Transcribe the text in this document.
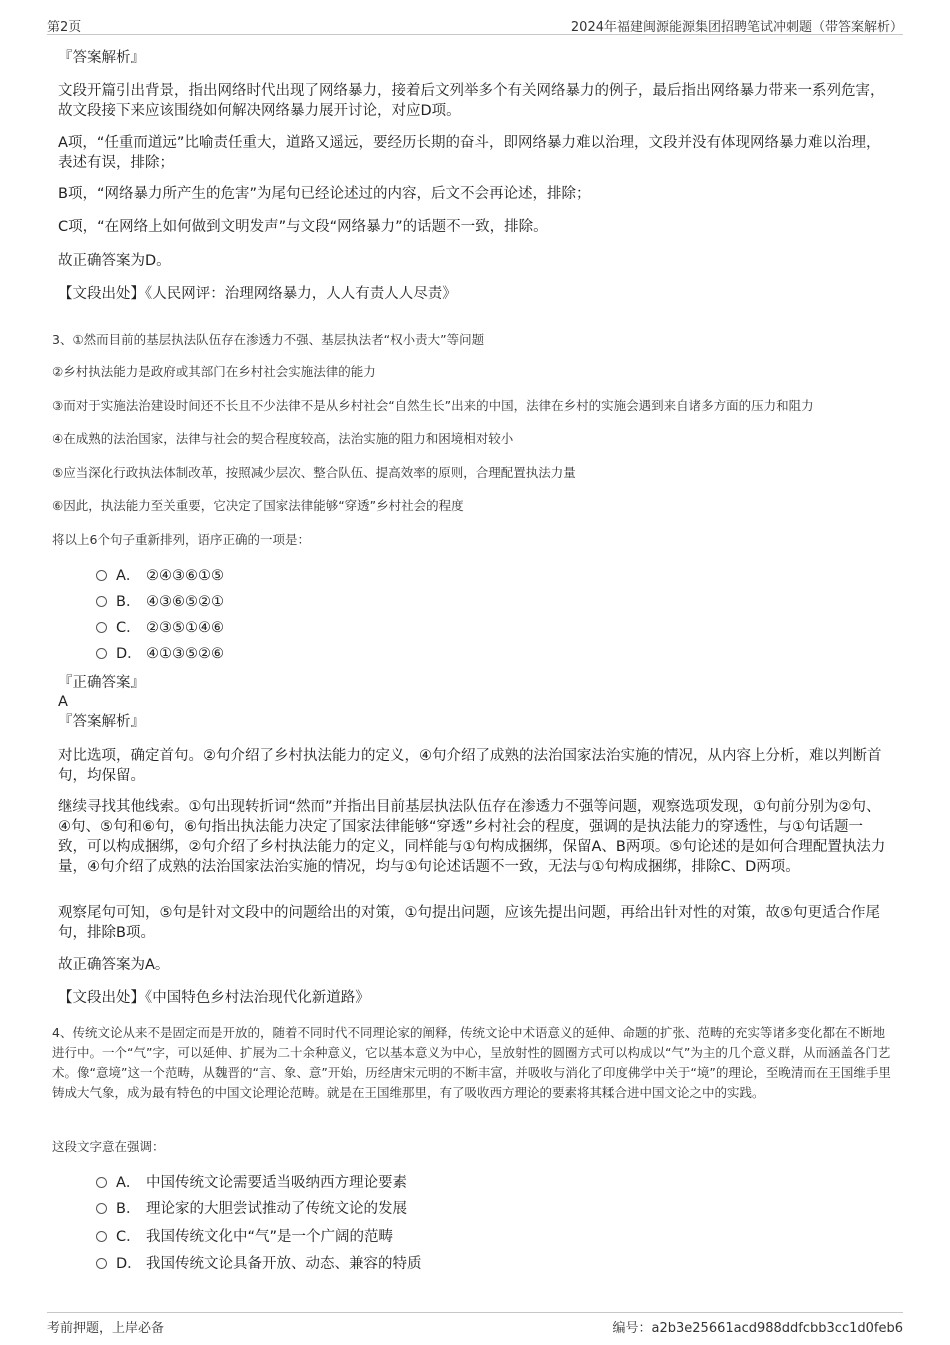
第2页	2024年福建闽源能源集团招聘笔试冲刺题（带答案解析）

『答案解析』

文段开篇引出背景，指出网络时代出现了网络暴力，接着后文列举多个有关网络暴力的例子，最后指出网络暴力带来一系列危害，故文段接下来应该围绕如何解决网络暴力展开讨论，对应D项。

A项，“任重而道远”比喻责任重大，道路又遥远，要经历长期的奋斗，即网络暴力难以治理，文段并没有体现网络暴力难以治理，表述有误，排除；

B项，“网络暴力所产生的危害”为尾句已经论述过的内容，后文不会再论述，排除；

C项，“在网络上如何做到文明发声”与文段“网络暴力”的话题不一致，排除。

故正确答案为D。

【文段出处】《人民网评：治理网络暴力，人人有责人人尽责》

3、①然而目前的基层执法队伍存在渗透力不强、基层执法者“权小责大”等问题

②乡村执法能力是政府或其部门在乡村社会实施法律的能力

③而对于实施法治建设时间还不长且不少法律不是从乡村社会“自然生长”出来的中国，法律在乡村的实施会遇到来自诸多方面的压力和阻力

④在成熟的法治国家，法律与社会的契合程度较高，法治实施的阻力和困境相对较小

⑤应当深化行政执法体制改革，按照减少层次、整合队伍、提高效率的原则，合理配置执法力量

⑥因此，执法能力至关重要，它决定了国家法律能够“穿透”乡村社会的程度

将以上6个句子重新排列，语序正确的一项是：

A． ②④③⑥①⑤
B． ④③⑥⑤②①
C． ②③⑤①④⑥
D． ④①③⑤②⑥

『正确答案』

A

『答案解析』

对比选项，确定首句。②句介绍了乡村执法能力的定义，④句介绍了成熟的法治国家法治实施的情况，从内容上分析，难以判断首句，均保留。

继续寻找其他线索。①句出现转折词“然而”并指出目前基层执法队伍存在渗透力不强等问题，观察选项发现，①句前分别为②句、④句、⑤句和⑥句，⑥句指出执法能力决定了国家法律能够“穿透”乡村社会的程度，强调的是执法能力的穿透性，与①句话题一致，可以构成捆绑，②句介绍了乡村执法能力的定义，同样能与①句构成捆绑，保留A、B两项。⑤句论述的是如何合理配置执法力量，④句介绍了成熟的法治国家法治实施的情况，均与①句论述话题不一致，无法与①句构成捆绑，排除C、D两项。

观察尾句可知，⑤句是针对文段中的问题给出的对策，①句提出问题，应该先提出问题，再给出针对性的对策，故⑤句更适合作尾句，排除B项。

故正确答案为A。

【文段出处】《中国特色乡村法治现代化新道路》

4、传统文论从来不是固定而是开放的，随着不同时代不同理论家的阐释，传统文论中术语意义的延伸、命题的扩张、范畴的充实等诸多变化都在不断地进行中。一个“气”字，可以延伸、扩展为二十余种意义，它以基本意义为中心，呈放射性的圆圈方式可以构成以“气”为主的几个意义群，从而涵盖各门艺术。像“意境”这一个范畴，从魏晋的“言、象、意”开始，历经唐宋元明的不断丰富，并吸收与消化了印度佛学中关于“境”的理论，至晚清而在王国维手里铸成大气象，成为最有特色的中国文论理论范畴。就是在王国维那里，有了吸收西方理论的要素将其糅合进中国文论之中的实践。

这段文字意在强调：

A． 中国传统文论需要适当吸纳西方理论要素
B． 理论家的大胆尝试推动了传统文论的发展
C． 我国传统文化中“气”是一个广阔的范畴
D． 我国传统文论具备开放、动态、兼容的特质
考前押题，上岸必备	编号：a2b3e25661acd988ddfcbb3cc1d0feb6
